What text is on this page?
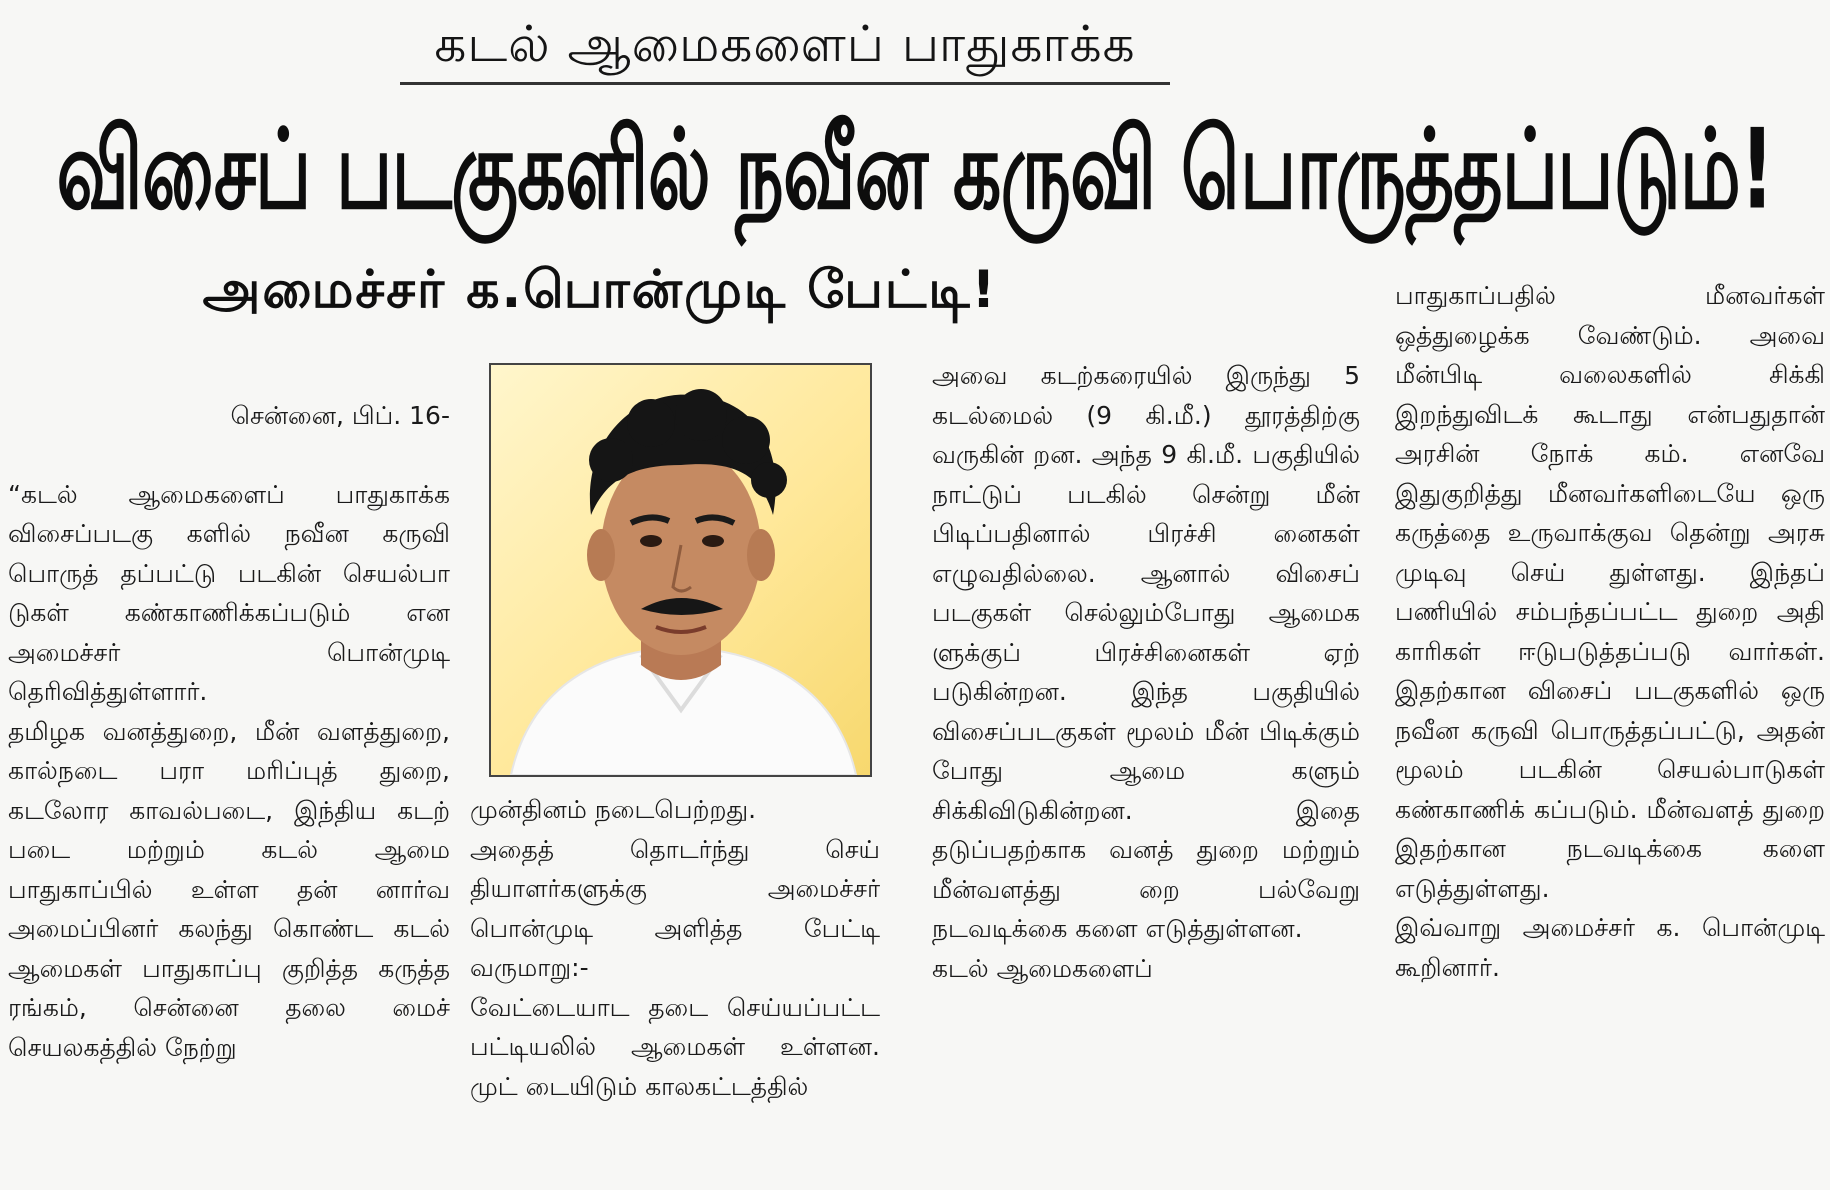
கடல் ஆமைகளைப் பாதுகாக்க
விசைப் படகுகளில் நவீன கருவி பொருத்தப்படும்!
அமைச்சர் க.பொன்முடி பேட்டி!

சென்னை, பிப். 16-

“கடல் ஆமைகளைப் பாதுகாக்க விசைப்படகு களில் நவீன கருவி பொருத் தப்பட்டு படகின் செயல்பா டுகள் கண்காணிக்கப்படும் என அமைச்சர் பொன்முடி தெரிவித்துள்ளார்.
தமிழக வனத்துறை, மீன் வளத்துறை, கால்நடை பரா மரிப்புத் துறை, கடலோர காவல்படை, இந்திய கடற் படை மற்றும் கடல் ஆமை பாதுகாப்பில் உள்ள தன் னார்வ அமைப்பினர் கலந்து கொண்ட கடல் ஆமைகள் பாதுகாப்பு குறித்த கருத்த ரங்கம், சென்னை தலை மைச் செயலகத்தில் நேற்று

முன்தினம் நடைபெற்றது.
அதைத் தொடர்ந்து செய் தியாளர்களுக்கு அமைச்சர் பொன்முடி அளித்த பேட்டி வருமாறு:-
வேட்டையாட தடை செய்யப்பட்ட பட்டியலில் ஆமைகள் உள்ளன. முட் டையிடும் காலகட்டத்தில்
அவை கடற்கரையில் இருந்து 5 கடல்மைல் (9 கி.மீ.) தூரத்திற்கு வருகின் றன. அந்த 9 கி.மீ. பகுதியில் நாட்டுப் படகில் சென்று மீன் பிடிப்பதினால் பிரச்சி னைகள் எழுவதில்லை. ஆனால் விசைப் படகுகள் செல்லும்போது ஆமைக ளுக்குப் பிரச்சினைகள் ஏற் படுகின்றன. இந்த பகுதியில் விசைப்படகுகள் மூலம் மீன் பிடிக்கும் போது ஆமை களும் சிக்கிவிடுகின்றன. இதை தடுப்பதற்காக வனத் துறை மற்றும் மீன்வளத்து றை பல்வேறு நடவடிக்கை களை எடுத்துள்ளன.
கடல் ஆமைகளைப்
பாதுகாப்பதில் மீனவர்கள் ஒத்துழைக்க வேண்டும். அவை மீன்பிடி வலைகளில் சிக்கி இறந்துவிடக் கூடாது என்பதுதான் அரசின் நோக் கம். எனவே இதுகுறித்து மீனவர்களிடையே ஒரு கருத்தை உருவாக்குவ தென்று அரசு முடிவு செய் துள்ளது. இந்தப் பணியில் சம்பந்தப்பட்ட துறை அதி காரிகள் ஈடுபடுத்தப்படு வார்கள். இதற்கான விசைப் படகுகளில் ஒரு நவீன கருவி பொருத்தப்பட்டு, அதன் மூலம் படகின் செயல்பாடுகள் கண்காணிக் கப்படும். மீன்வளத் துறை இதற்கான நடவடிக்கை களை எடுத்துள்ளது.
இவ்வாறு அமைச்சர் க. பொன்முடி கூறினார்.
